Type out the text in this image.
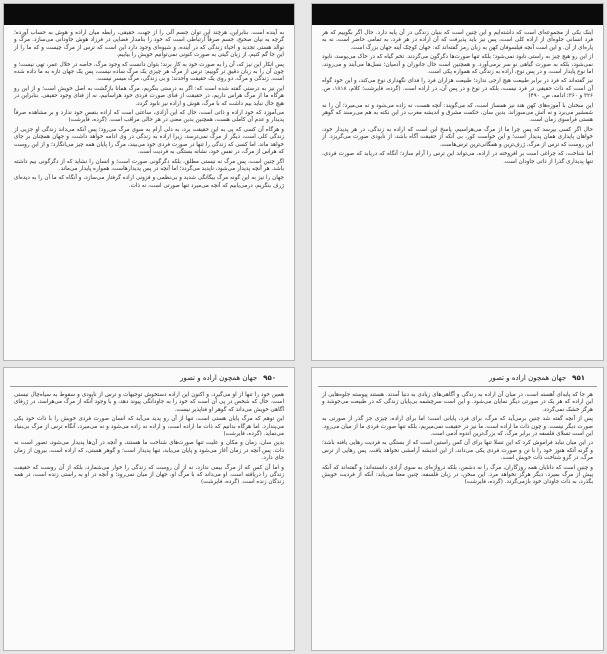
به آينده است. بنابراين، هرچند اين توان جسم آلی را از جهت، حقيقی، رابطه ميان اراده و هوش به حساب آورده؛ گرچه به نيان صحيح، جسم صرفاً ارتباطی است كه خود را بنا‌مدار فضايی در فرزاد هوش جاودانی می‌سازد. مرگ و توالد هستی تجديد و احياء زندگی كه در آينده، و شيوه‌ای وجود دارد اين است كه ترس از مرگ چيست و كه ما را از اين جا گم کنيم، از زبان گيتی به صورت کنونی نمی‌توانيم خويش را بيابيم.

پس انکار اين نيز که، آن را به صورت خود به کار برند؛ بتوان دانست که وجود مرگ، خاصه در خلال عمر، تهی نيست؛ و چون آن را به زبان دقيق تر گوييم: ترس از مرگ هر چيزی يک مرگ ساده نيست، پس يک جهان تازه به ما داده شده است. زندگی و مرگ، دو روی يک حقيقت واحدند؛ و بی زندگی، مرگ ميسر نيست.

اين نيز به درستی گفته شده است که: اگر به درستی بنگريم، مرگ همانا بازگشت به اصل خويش است؛ و از اين رو هرگاه ما از مرگ هراس داريم، در حقيقت از فنای صورت فردی خود هراسانيم، نه از فنای وجود حقيقی. بنابراين در هيچ حال نبايد بيم داشت که با مرگ، هوش و اراده نيز نابود گردد.

می‌آموزد که خود اراده و ذاتی است، حال که اين آزادی، ساعتی است که اراده بنفس خود ندارد و بر مشاهده صرفاً پديدار و عدم آن کاملی هست، همچنين بدين معنی در هر حالی مراقب است. (گرده، فايرشت)

و هرگاه آن کسی که پی به اين حقيقت برد، به دلی آرام به سوی مرگ می‌رود؛ پس آنکه می‌داند زندگی او جزيی از زندگی کلی است، ديگر از مرگ نمی‌ترسد، زيرا اراده به زندگی در وی ادامه خواهد داشت، و جهان همچنان بر جای خواهد ماند. اما کسی که زندگی را تنها در صورت فردی خود می‌بيند، مرگ را پايان همه چيز می‌انگارد؛ و از اين روست که هراس از مرگ، در نفس خود، نشانه بستگی به فرديت است.

اگر چنين است، پس مرگ نه نيستی مطلق، بلکه دگرگونی صورت است؛ و انسان را نشايد که از دگرگونی بيم داشته باشد. هر آنچه پديدار می‌شود، ناپديد می‌گردد؛ اما آنچه در پس پديدارهاست، همواره پايدار می‌ماند.

جهان را نيز به اين گونه مرگ بيگانگی شديد و بی‌نظمی و فزونی اراده گرفتار می‌سازد، و آنگاه که ما آن را به ديده‌ای ژرف بنگريم، درمی‌يابيم که آنچه می‌ميرد تنها صورتی است، نه ذات.

اينک يکی از مجموعه‌ای است که داشته‌ايم و اين چنين است که بنيان زندگی در آن پايه دارد. حال اگر بگوييم که هر فرد انسانی جلوه‌ای از اراده کلی است، پس نيز بايد پذيرفت که آن اراده در هر فرد، به تمامی حاضر است، نه به پاره‌ای از آن. و اين است آنچه فيلسوفان کهن به زبان رمز گفته‌اند که: جهان کوچک آينه جهان بزرگ است.

از اين رو هيچ چيز به راستی نابود نمی‌شود؛ بلکه تنها صورت‌ها دگرگون می‌گردند. تخم گياه که در خاک می‌پوسد، نابود نمی‌شود، بلکه به صورت گياهی نو سر برمی‌آورد. و همچنين است حال جانوران و آدميان؛ نسل‌ها می‌آيند و می‌روند، اما نوع پايدار است، و در پس نوع، اراده به زندگی که همواره يکی است.

نيز گفته‌اند که فرد در برابر طبيعت هيچ ارجی ندارد؛ طبيعت هزاران فرد را فدای نگهداری نوع می‌کند، و اين خود گواه آن است که ذات حقيقی در فرد نيست، بلکه در نوع و در پس آن، در اراده است. (گرده، فايرشت؛ کلام، ۱۸۱۸، ص. ۳۲۶ و ۳۶۰؛ ادامه، ص. ۴۹۰)

اين سخنان با آموزه‌های کهن هند نيز همساز است، که می‌گويند: آنچه هست، نه زاده می‌شود و نه می‌ميرد؛ آن را نه شمشير می‌برد و نه آتش می‌سوزاند. بدين سان، حکمت مشرق و انديشه مغرب در اين نکته به هم می‌رسند که گوهر هستی فراسوی زمان است.

حال اگر کسی بپرسد که پس چرا ما از مرگ می‌هراسيم، پاسخ اين است که اراده به زندگی، در هر پديدار خود، خواهان پايداری همان پديدار است؛ و اين خواست کور، بی آنکه از حقيقت آگاه باشد، از نابودی صورت می‌گريزد. از اين روست که ترس از مرگ، ژرف‌ترين و همگانی‌ترين ترس‌هاست.

اما شناخت، که چراغی است بر افروخته در اراده، می‌تواند اين ترس را آرام سازد؛ آنگاه که دريابد که صورت فردی، تنها پديداری گذرا از ذاتی جاودان است.

۹۵۰
جهان همچون اراده و تصور

همين خود را تنها از او می‌گيرد، و اکنون اين اراده دستخوش توجيهات و ترس از ناپودی و سقوط به سياه‌چال نيستی است. حال که شخص در پی آن است که خود را به جاودانگی پيوند دهد، و با وجود آنکه از مرگ می‌هراسد، در ژرفای آگاهی خويش می‌داند که گوهر او فنا‌پذير نيست.

اين توهم که مرگ پايان هستی است، تنها از آن رو پديد می‌آيد که انسان صورت فردی خويش را با ذات خود يکی می‌پندارد. اما هرگاه بدانيم که ذات ما اراده است، و اراده نه زاده می‌شود و نه می‌ميرد، آنگاه ترس از مرگ بی‌بنياد می‌نمايد. (گرده، فايرشت)

بدين سان، زمان و مکان و عليت تنها صورت‌های شناخت ما هستند، و آنچه در آن‌ها پديدار می‌شود، تصور است نه ذات. پس آنچه در زمان آغاز می‌شود و پايان می‌يابد، تنها پديدار است؛ و گوهر هستی، که اراده است، بيرون از زمان جای دارد.

و اما آن کس که از مرگ بيمی ندارد، نه از آن روست که زندگی را خوار می‌شمارد، بلکه از آن روست که حقيقت زندگی را دريافته است. او می‌داند که با مرگ او، جهان از ميان نمی‌رود؛ و آنچه در او به راستی زنده است، در همه زندگان زنده است. (گرده، فايرشت)

۹۵۱
جهان همچون اراده و تصور

هر جا که پايه‌ای آهسته است، در ميان آن اراده به زندگی و آگاهی‌های زيادی به دنيا آمدند. هستند پيوسته جلوه‌هايی از اين اراده که هر يک در صورتی ديگر نمايان می‌شود. و اين است سرچشمه بی‌پايان زندگی که در طبيعت می‌جوشد و هرگز خشک نمی‌گردد.

پس از آنچه گفته شد چنين برمی‌آيد که مرگ، برای فرد، پايانی است؛ اما برای اراده، چيزی جز گذر از صورتی به صورت ديگر نيست. و چون ذات ما اراده است، ما نيز در حقيقت نمی‌ميريم، بلکه تنها صورت فردی ما از ميان می‌رود. اين است تسلای فلسفه در برابر مرگ، که بزرگ‌ترين اندوه آدمی است.

در اين ميان نبايد فراموش کرد که اين تسلا تنها برای آن کس راستين است که از بستگی به فرديت رهايی يافته باشد؛ و گرنه آنکه هنوز خود را با تن و صورت فردی يکی می‌داند، از اين انديشه آرامشی نخواهد يافت. پس رهايی از ترس مرگ، در گرو شناخت ذات خويش است.

و چنين است که دانايان همه روزگاران، مرگ را نه دشمن، بلکه دروازه‌ای به سوی آزادی دانسته‌اند؛ و گفته‌اند که آنکه پيش از مرگ بميرد، ديگر هرگز نخواهد مرد. اين سخن، در زبان فلسفه، چنين معنا می‌يابد: آنکه از فرديت خويش بگذرد، به ذات جاودان خود بازمی‌گردد. (گرده، فايرشت)
